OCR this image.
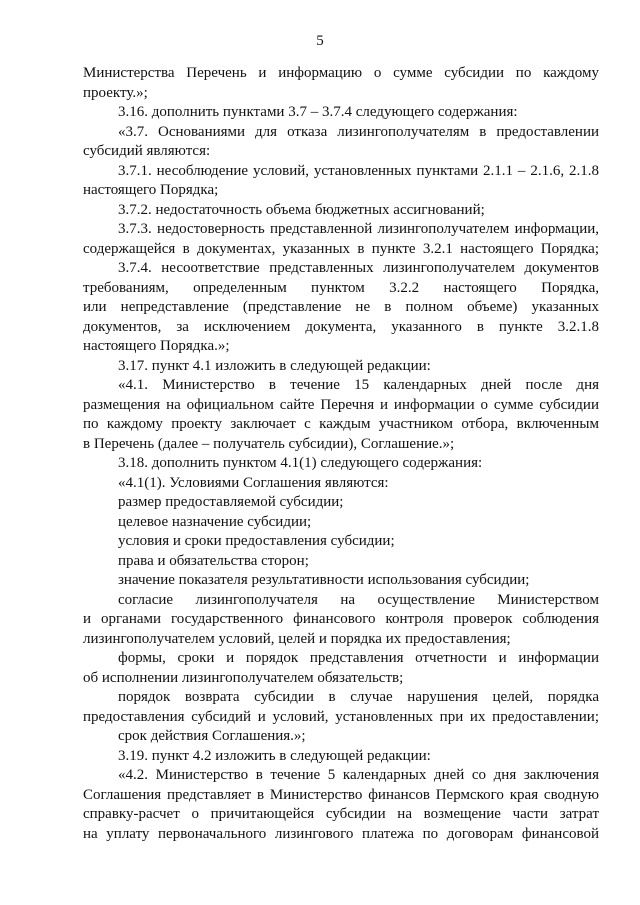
5
Министерства Перечень и информацию о сумме субсидии по каждому
проекту.»;
3.16. дополнить пунктами 3.7 – 3.7.4 следующего содержания:
«3.7. Основаниями для отказа лизингополучателям в предоставлении
субсидий являются:
3.7.1. несоблюдение условий, установленных пунктами 2.1.1 – 2.1.6, 2.1.8
настоящего Порядка;
3.7.2. недостаточность объема бюджетных ассигнований;
3.7.3. недостоверность представленной лизингополучателем информации,
содержащейся в документах, указанных в пункте 3.2.1 настоящего Порядка;
3.7.4. несоответствие представленных лизингополучателем документов
требованиям, определенным пунктом 3.2.2 настоящего Порядка,
или непредставление (представление не в полном объеме) указанных
документов, за исключением документа, указанного в пункте 3.2.1.8
настоящего Порядка.»;
3.17. пункт 4.1 изложить в следующей редакции:
«4.1. Министерство в течение 15 календарных дней после дня
размещения на официальном сайте Перечня и информации о сумме субсидии
по каждому проекту заключает с каждым участником отбора, включенным
в Перечень (далее – получатель субсидии), Соглашение.»;
3.18. дополнить пунктом 4.1(1) следующего содержания:
«4.1(1). Условиями Соглашения являются:
размер предоставляемой субсидии;
целевое назначение субсидии;
условия и сроки предоставления субсидии;
права и обязательства сторон;
значение показателя результативности использования субсидии;
согласие лизингополучателя на осуществление Министерством
и органами государственного финансового контроля проверок соблюдения
лизингополучателем условий, целей и порядка их предоставления;
формы, сроки и порядок представления отчетности и информации
об исполнении лизингополучателем обязательств;
порядок возврата субсидии в случае нарушения целей, порядка
предоставления субсидий и условий, установленных при их предоставлении;
срок действия Соглашения.»;
3.19. пункт 4.2 изложить в следующей редакции:
«4.2. Министерство в течение 5 календарных дней со дня заключения
Соглашения представляет в Министерство финансов Пермского края сводную
справку-расчет о причитающейся субсидии на возмещение части затрат
на уплату первоначального лизингового платежа по договорам финансовой
